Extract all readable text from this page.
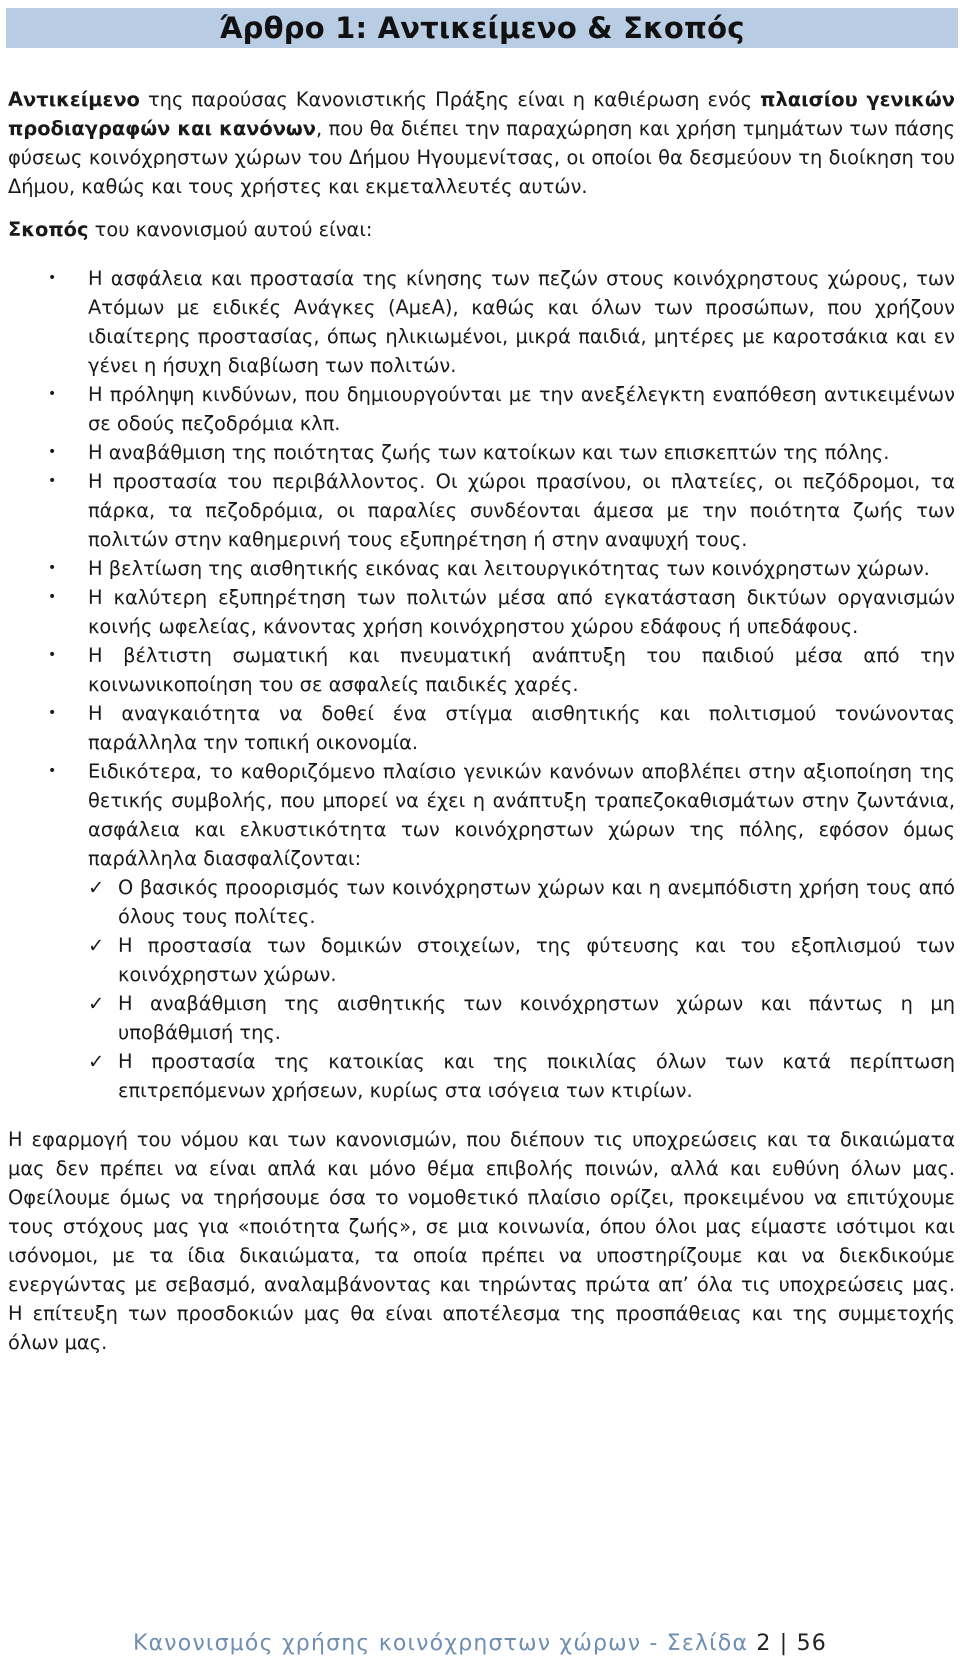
Άρθρο 1: Αντικείμενο & Σκοπός

Αντικείμενο της παρούσας Κανονιστικής Πράξης είναι η καθιέρωση ενός πλαισίου γενικών προδιαγραφών και κανόνων, που θα διέπει την παραχώρηση και χρήση τμημάτων των πάσης φύσεως κοινόχρηστων χώρων του Δήμου Ηγουμενίτσας, οι οποίοι θα δεσμεύουν τη διοίκηση του Δήμου, καθώς και τους χρήστες και εκμεταλλευτές αυτών.

Σκοπός του κανονισμού αυτού είναι:

•	Η ασφάλεια και προστασία της κίνησης των πεζών στους κοινόχρηστους χώρους, των Ατόμων με ειδικές Ανάγκες (ΑμεΑ), καθώς και όλων των προσώπων, που χρήζουν ιδιαίτερης προστασίας, όπως ηλικιωμένοι, μικρά παιδιά, μητέρες με καροτσάκια και εν γένει η ήσυχη διαβίωση των πολιτών.
•	Η πρόληψη κινδύνων, που δημιουργούνται με την ανεξέλεγκτη εναπόθεση αντικειμένων σε οδούς πεζοδρόμια κλπ.
•	Η αναβάθμιση της ποιότητας ζωής των κατοίκων και των επισκεπτών της πόλης.
•	Η προστασία του περιβάλλοντος. Οι χώροι πρασίνου, οι πλατείες, οι πεζόδρομοι, τα πάρκα, τα πεζοδρόμια, οι παραλίες συνδέονται άμεσα με την ποιότητα ζωής των πολιτών στην καθημερινή τους εξυπηρέτηση ή στην αναψυχή τους.
•	Η βελτίωση της αισθητικής εικόνας και λειτουργικότητας των κοινόχρηστων χώρων.
•	Η καλύτερη εξυπηρέτηση των πολιτών μέσα από εγκατάσταση δικτύων οργανισμών κοινής ωφελείας, κάνοντας χρήση κοινόχρηστου χώρου εδάφους ή υπεδάφους.
•	Η βέλτιστη σωματική και πνευματική ανάπτυξη του παιδιού μέσα από την κοινωνικοποίηση του σε ασφαλείς παιδικές χαρές.
•	Η αναγκαιότητα να δοθεί ένα στίγμα αισθητικής και πολιτισμού τονώνοντας παράλληλα την τοπική οικονομία.
•	Ειδικότερα, το καθοριζόμενο πλαίσιο γενικών κανόνων αποβλέπει στην αξιοποίηση της θετικής συμβολής, που μπορεί να έχει η ανάπτυξη τραπεζοκαθισμάτων στην ζωντάνια, ασφάλεια και ελκυστικότητα των κοινόχρηστων χώρων της πόλης, εφόσον όμως παράλληλα διασφαλίζονται:
✓ Ο βασικός προορισμός των κοινόχρηστων χώρων και η ανεμπόδιστη χρήση τους από όλους τους πολίτες.
✓ Η προστασία των δομικών στοιχείων, της φύτευσης και του εξοπλισμού των κοινόχρηστων χώρων.
✓ Η αναβάθμιση της αισθητικής των κοινόχρηστων χώρων και πάντως η μη υποβάθμισή της.
✓ Η προστασία της κατοικίας και της ποικιλίας όλων των κατά περίπτωση επιτρεπόμενων χρήσεων, κυρίως στα ισόγεια των κτιρίων.

Η εφαρμογή του νόμου και των κανονισμών, που διέπουν τις υποχρεώσεις και τα δικαιώματα μας δεν πρέπει να είναι απλά και μόνο θέμα επιβολής ποινών, αλλά και ευθύνη όλων μας. Οφείλουμε όμως να τηρήσουμε όσα το νομοθετικό πλαίσιο ορίζει, προκειμένου να επιτύχουμε τους στόχους μας για «ποιότητα ζωής», σε μια κοινωνία, όπου όλοι μας είμαστε ισότιμοι και ισόνομοι, με τα ίδια δικαιώματα, τα οποία πρέπει να υποστηρίζουμε και να διεκδικούμε ενεργώντας με σεβασμό, αναλαμβάνοντας και τηρώντας πρώτα απ’ όλα τις υποχρεώσεις μας. Η επίτευξη των προσδοκιών μας θα είναι αποτέλεσμα της προσπάθειας και της συμμετοχής όλων μας.

Κανονισμός χρήσης κοινόχρηστων χώρων - Σελίδα 2 | 56
